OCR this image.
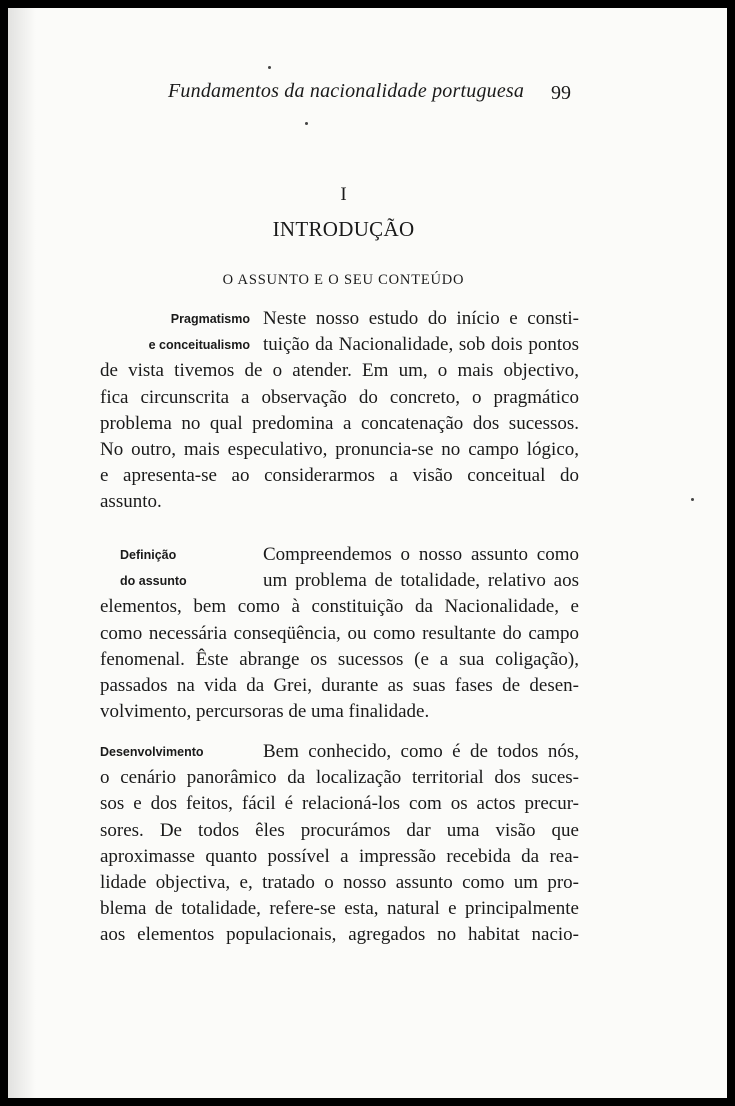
Fundamentos da nacionalidade portuguesa 99
I
INTRODUÇÃO
O ASSUNTO E O SEU CONTEÚDO
Pragmatismo
e conceitualismo
Neste nosso estudo do início e consti-
tuição da Nacionalidade, sob dois pontos
de vista tivemos de o atender. Em um, o mais objectivo,
fica circunscrita a observação do concreto, o pragmático
problema no qual predomina a concatenação dos sucessos.
No outro, mais especulativo, pronuncia-se no campo lógico,
e apresenta-se ao considerarmos a visão conceitual do
assunto.
Definição
do assunto
Compreendemos o nosso assunto como
um problema de totalidade, relativo aos
elementos, bem como à constituição da Nacionalidade, e
como necessária conseqüência, ou como resultante do campo
fenomenal. Êste abrange os sucessos (e a sua coligação),
passados na vida da Grei, durante as suas fases de desen-
volvimento, percursoras de uma finalidade.
Desenvolvimento	Bem conhecido, como é de todos nós,
o cenário panorâmico da localização territorial dos suces-
sos e dos feitos, fácil é relacioná-los com os actos precur-
sores. De todos êles procurámos dar uma visão que
aproximasse quanto possível a impressão recebida da rea-
lidade objectiva, e, tratado o nosso assunto como um pro-
blema de totalidade, refere-se esta, natural e principalmente
aos elementos populacionais, agregados no habitat nacio-
